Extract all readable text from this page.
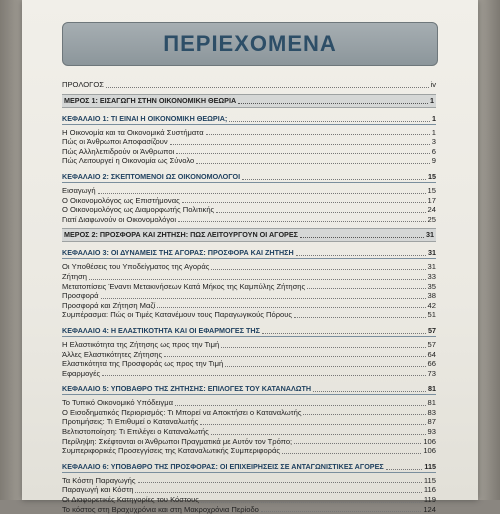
ΠΕΡΙΕΧΟΜΕΝΑ
ΠΡΟΛΟΓΟΣ	iv
ΜΕΡΟΣ 1: ΕΙΣΑΓΩΓΗ ΣΤΗΝ ΟΙΚΟΝΟΜΙΚΗ ΘΕΩΡΙΑ	1
ΚΕΦΑΛΑΙΟ 1: ΤΙ ΕΙΝΑΙ Η ΟΙΚΟΝΟΜΙΚΗ ΘΕΩΡΙΑ;	1
Η Οικονομία και τα Οικονομικά Συστήματα	1
Πώς οι Άνθρωποι Αποφασίζουν	3
Πώς Αλληλεπιδρούν οι Άνθρωποι	6
Πώς Λειτουργεί η Οικονομία ως Σύνολο	9
ΚΕΦΑΛΑΙΟ 2: ΣΚΕΠΤΟΜΕΝΟΙ ΩΣ ΟΙΚΟΝΟΜΟΛΟΓΟΙ	15
Εισαγωγή	15
Ο Οικονομολόγος ως Επιστήμονας	17
Ο Οικονομολόγος ως Διαμορφωτής Πολιτικής	24
Γιατί Διαφωνούν οι Οικονομολόγοι	25
ΜΕΡΟΣ 2: ΠΡΟΣΦΟΡΑ ΚΑΙ ΖΗΤΗΣΗ: ΠΩΣ ΛΕΙΤΟΥΡΓΟΥΝ ΟΙ ΑΓΟΡΕΣ	31
ΚΕΦΑΛΑΙΟ 3: ΟΙ ΔΥΝΑΜΕΙΣ ΤΗΣ ΑΓΟΡΑΣ: ΠΡΟΣΦΟΡΑ ΚΑΙ ΖΗΤΗΣΗ	31
Οι Υποθέσεις του Υποδείγματος της Αγοράς	31
Ζήτηση	33
Μετατοπίσεις Έναντι Μετακινήσεων Κατά Μήκος της Καμπύλης Ζήτησης	35
Προσφορά	38
Προσφορά και Ζήτηση Μαζί	42
Συμπέρασμα: Πώς οι Τιμές Κατανέμουν τους Παραγωγικούς Πόρους	51
ΚΕΦΑΛΑΙΟ 4: Η ΕΛΑΣΤΙΚΟΤΗΤΑ ΚΑΙ ΟΙ ΕΦΑΡΜΟΓΕΣ ΤΗΣ	57
Η Ελαστικότητα της Ζήτησης ως προς την Τιμή	57
Άλλες Ελαστικότητες Ζήτησης	64
Ελαστικότητα της Προσφοράς ως προς την Τιμή	66
Εφαρμογές	73
ΚΕΦΑΛΑΙΟ 5: ΥΠΟΒΑΘΡΟ ΤΗΣ ΖΗΤΗΣΗΣ: ΕΠΙΛΟΓΕΣ ΤΟΥ ΚΑΤΑΝΑΛΩΤΗ	81
Το Τυπικό Οικονομικό Υπόδειγμα	81
Ο Εισοδηματικός Περιορισμός: Τι Μπορεί να Αποκτήσει ο Καταναλωτής	83
Προτιμήσεις: Τι Επιθυμεί ο Καταναλωτής	87
Βελτιστοποίηση: Τι Επιλέγει ο Καταναλωτής	93
Περίληψη: Σκέφτονται οι Άνθρωποι Πραγματικά με Αυτόν τον Τρόπο;	106
Συμπεριφορικές Προσεγγίσεις της Καταναλωτικής Συμπεριφοράς	106
ΚΕΦΑΛΑΙΟ 6: ΥΠΟΒΑΘΡΟ ΤΗΣ ΠΡΟΣΦΟΡΑΣ: ΟΙ ΕΠΙΧΕΙΡΗΣΕΙΣ ΣΕ ΑΝΤΑΓΩΝΙΣΤΙΚΕΣ ΑΓΟΡΕΣ	115
Τα Κόστη Παραγωγής	115
Παραγωγή και Κόστη	116
Οι Διαφορετικές Κατηγορίες του Κόστους	119
Το κόστος στη Βραχυχρόνια και στη Μακροχρόνια Περίοδο	124
